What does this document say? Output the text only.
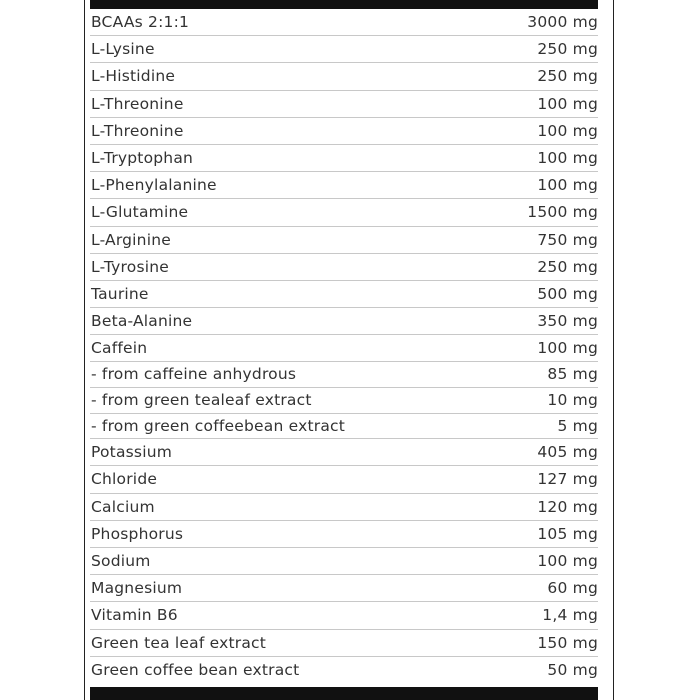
BCAAs 2:1:1	3000 mg
L-Lysine	250 mg
L-Histidine	250 mg
L-Threonine	100 mg
L-Threonine	100 mg
L-Tryptophan	100 mg
L-Phenylalanine	100 mg
L-Glutamine	1500 mg
L-Arginine	750 mg
L-Tyrosine	250 mg
Taurine	500 mg
Beta-Alanine	350 mg
Caffein	100 mg
- from caffeine anhydrous	85 mg
- from green tealeaf extract	10 mg
- from green coffeebean extract	5 mg
Potassium	405 mg
Chloride	127 mg
Calcium	120 mg
Phosphorus	105 mg
Sodium	100 mg
Magnesium	60 mg
Vitamin B6	1,4 mg
Green tea leaf extract	150 mg
Green coffee bean extract	50 mg
